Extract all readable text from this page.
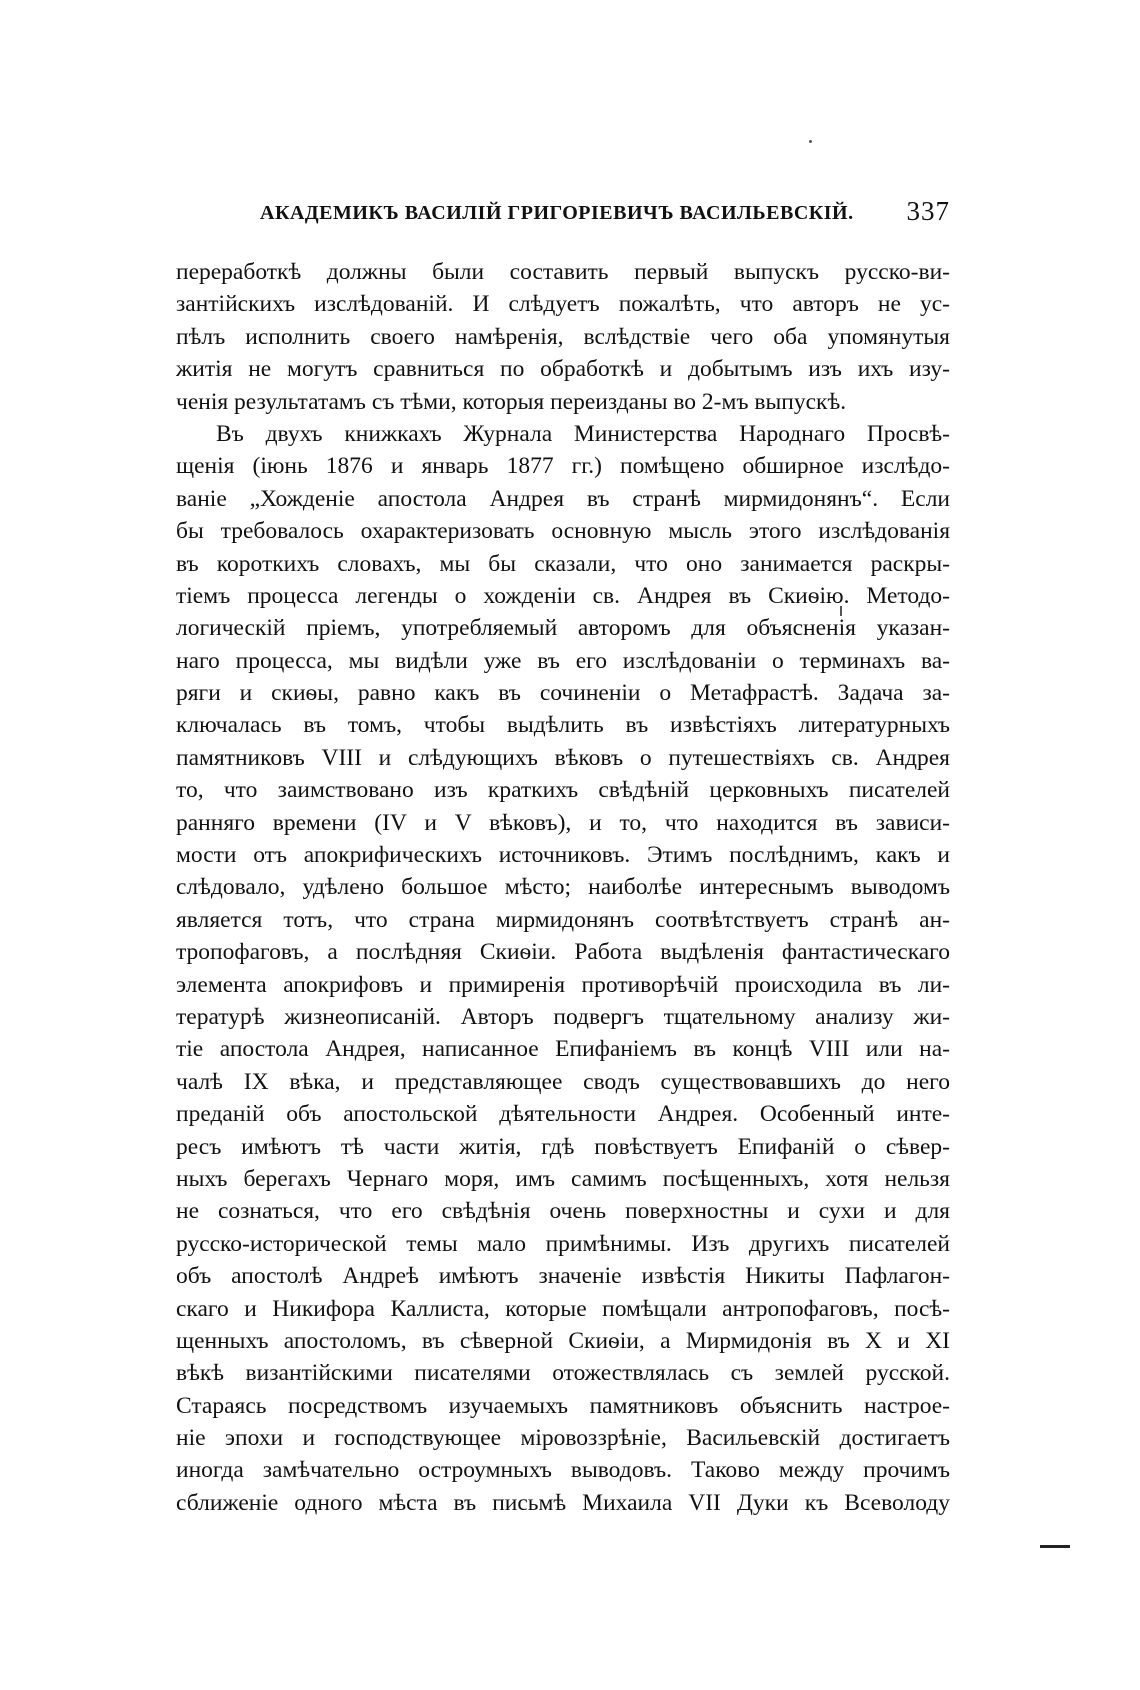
АКАДЕМИКЪ ВАСИЛІЙ ГРИГОРІЕВИЧЪ ВАСИЛЬЕВСКІЙ. 337
переработкѣ должны были составить первый выпускъ русско-ви-
зантійскихъ изслѣдованій. И слѣдуетъ пожалѣть, что авторъ не ус-
пѣлъ исполнить своего намѣренія, вслѣдствіе чего оба упомянутыя
житія не могутъ сравниться по обработкѣ и добытымъ изъ ихъ изу-
ченія результатамъ съ тѣми, которыя переизданы во 2-мъ выпускѣ.
Въ двухъ книжкахъ Журнала Министерства Народнаго Просвѣ-
щенія (іюнь 1876 и январь 1877 гг.) помѣщено обширное изслѣдо-
ваніе „Хожденіе апостола Андрея въ странѣ мирмидонянъ“. Если
бы требовалось охарактеризовать основную мысль этого изслѣдованія
въ короткихъ словахъ, мы бы сказали, что оно занимается раскры-
тіемъ процесса легенды о хожденіи св. Андрея въ Скиѳію. Методо-
логическій пріемъ, употребляемый авторомъ для объясненія указан-
наго процесса, мы видѣли уже въ его изслѣдованіи о терминахъ ва-
ряги и скиѳы, равно какъ въ сочиненіи о Метафрастѣ. Задача за-
ключалась въ томъ, чтобы выдѣлить въ извѣстіяхъ литературныхъ
памятниковъ VIII и слѣдующихъ вѣковъ о путешествіяхъ св. Андрея
то, что заимствовано изъ краткихъ свѣдѣній церковныхъ писателей
ранняго времени (IV и V вѣковъ), и то, что находится въ зависи-
мости отъ апокрифическихъ источниковъ. Этимъ послѣднимъ, какъ и
слѣдовало, удѣлено большое мѣсто; наиболѣе интереснымъ выводомъ
является тотъ, что страна мирмидонянъ соотвѣтствуетъ странѣ ан-
тропофаговъ, а послѣдняя Скиѳіи. Работа выдѣленія фантастическаго
элемента апокрифовъ и примиренія противорѣчій происходила въ ли-
тературѣ жизнеописаній. Авторъ подвергъ тщательному анализу жи-
тіе апостола Андрея, написанное Епифаніемъ въ концѣ VIII или на-
чалѣ IX вѣка, и представляющее сводъ существовавшихъ до него
преданій объ апостольской дѣятельности Андрея. Особенный инте-
ресъ имѣютъ тѣ части житія, гдѣ повѣствуетъ Епифаній о сѣвер-
ныхъ берегахъ Чернаго моря, имъ самимъ посѣщенныхъ, хотя нельзя
не сознаться, что его свѣдѣнія очень поверхностны и сухи и для
русско-исторической темы мало примѣнимы. Изъ другихъ писателей
объ апостолѣ Андреѣ имѣютъ значеніе извѣстія Никиты Пафлагон-
скаго и Никифора Каллиста, которые помѣщали антропофаговъ, посѣ-
щенныхъ апостоломъ, въ сѣверной Скиѳіи, а Мирмидонія въ X и XI
вѣкѣ византійскими писателями отожествлялась съ землей русской.
Стараясь посредствомъ изучаемыхъ памятниковъ объяснить настрое-
ніе эпохи и господствующее міровоззрѣніе, Васильевскій достигаетъ
иногда замѣчательно остроумныхъ выводовъ. Таково между прочимъ
сближеніе одного мѣста въ письмѣ Михаила VII Дуки къ Всеволоду
